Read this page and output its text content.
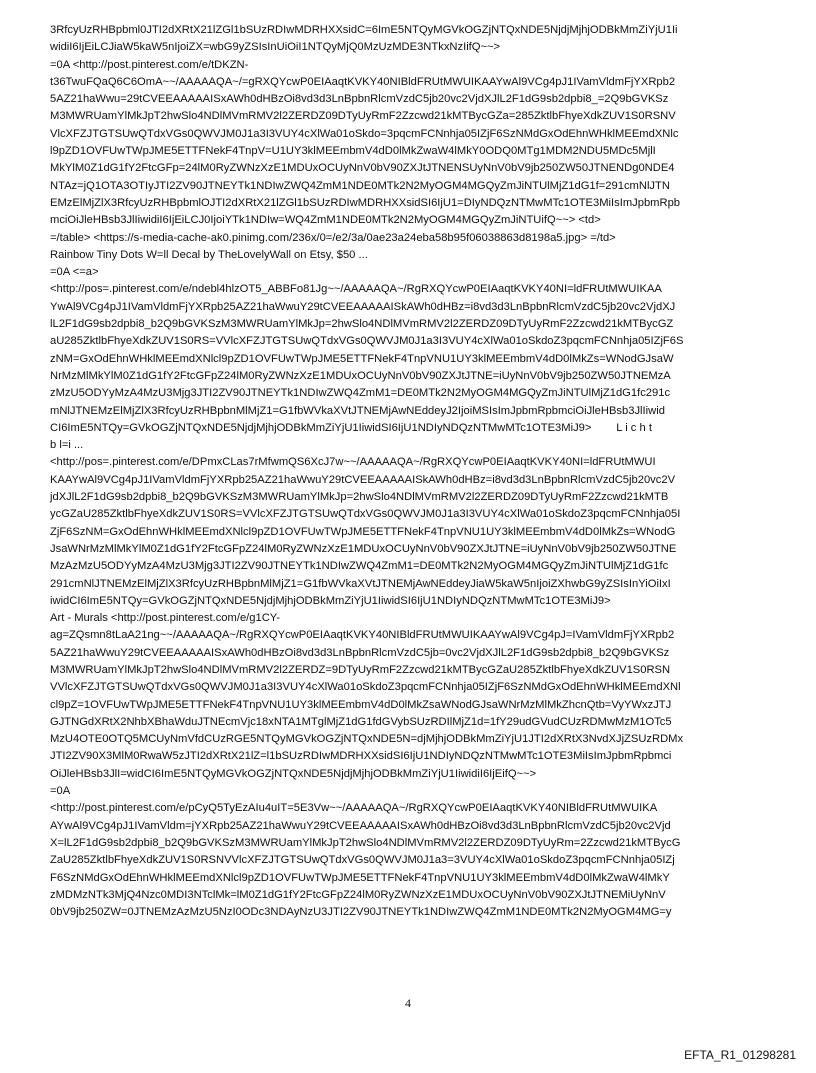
3RfcyUzRHBpbml0JTI2dXRtX21lZGl1bSUzRDIwMDRHXXsidC=6ImE5NTQyMGVkOGZjNTQxNDE5NjdjMjhjODBkMmZiYjU1Ii
widiI6IjEiLCJiaW5kaW5nIjoiZX=wbG9yZSIsInUiOiI1NTQyMjQ0MzUzMDE3NTkxNzIifQ~~>
=0A <http://post.pinterest.com/e/tDKZN-
t36TwuFQaQ6C6OmA~~/AAAAAQA~/=gRXQYcwP0EIAaqtKVKY40NIBldFRUtMWUIKAAYwAl9VCg4pJ1IVamVldmFjYXRpb2
5AZ21haWwu=29tCVEEAAAAAISxAWh0dHBzOi8vd3d3LnBpbnRlcmVzdC5jb20vc2VjdXJlL2F1dG9sb2dpbi8_=2Q9bGVKSz
M3MWRUamYlMkJpT2hwSlo4NDlMVmRMV2l2ZERDZ09DTyUyRmF2Zzcwd21kMTBycGZa=285ZktlbFhyeXdkZUV1S0RSNV
VlcXFZJTGTSUwQTdxVGs0QWVJM0J1a3I3VUY4cXlWa01oSkdo=3pqcmFCNnhja05IZjF6SzNMdGxOdEhnWHklMEEmdXNlc
l9pZD1OVFUwTWpJME5ETTFNekF4TnpV=U1UY3klMEEmbmV4dD0lMkZwaW4lMkY0ODQ0MTg1MDM2NDU5MDc5MjlI
MkYlM0Z1dG1fY2FtcGFp=24lM0RyZWNzXzE1MDUxOCUyNnV0bV90ZXJtJTNENSUyNnV0bV9jb250ZW50JTNENDg0NDE4
NTAz=jQ1OTA3OTIyJTI2ZV90JTNEYTk1NDIwZWQ4ZmM1NDE0MTk2N2MyOGM4MGQyZmJiNTUlMjZ1dG1f=291cmNlJTN
EMzElMjZlX3RfcyUzRHBpbmlOJTI2dXRtX21lZGl1bSUzRDIwMDRHXXsidSI6IjU1=DIyNDQzNTMwMTc1OTE3MiIsImJpbmRpb
mciOiJleHBsb3JlIiwidiI6IjEiLCJ0IjoiYTk1NDIw=WQ4ZmM1NDE0MTk2N2MyOGM4MGQyZmJiNTUifQ~~> <td>
=/table> <https://s-media-cache-ak0.pinimg.com/236x/0=/e2/3a/0ae23a24eba58b95f06038863d8198a5.jpg> =/td>
Rainbow Tiny Dots W=ll Decal by TheLovelyWall on Etsy, $50 ...
=0A <=a>
<http://pos=.pinterest.com/e/ndebl4hlzOT5_ABBFo81Jg~~/AAAAAQA~/RgRXQYcwP0EIAaqtKVKY40NI=ldFRUtMWUIKAA
YwAl9VCg4pJ1IVamVldmFjYXRpb25AZ21haWwuY29tCVEEAAAAAISkAWh0dHBz=i8vd3d3LnBpbnRlcmVzdC5jb20vc2VjdXJ
lL2F1dG9sb2dpbi8_b2Q9bGVKSzM3MWRUamYlMkJp=2hwSlo4NDlMVmRMV2l2ZERDZ09DTyUyRmF2Zzcwd21kMTBycGZ
aU285ZktlbFhyeXdkZUV1S0RS=VVlcXFZJTGTSUwQTdxVGs0QWVJM0J1a3I3VUY4cXlWa01oSkdoZ3pqcmFCNnhja05IZjF6S
zNM=GxOdEhnWHklMEEmdXNlcl9pZD1OVFUwTWpJME5ETTFNekF4TnpVNU1UY3klMEEmbmV4dD0lMkZs=WNodGJsaW
NrMzMlMkYlM0Z1dG1fY2FtcGFpZ24lM0RyZWNzXzE1MDUxOCUyNnV0bV90ZXJtJTNE=iUyNnV0bV9jb250ZW50JTNEMzA
zMzU5ODYyMzA4MzU3Mjg3JTI2ZV90JTNEYTk1NDIwZWQ4ZmM1=DE0MTk2N2MyOGM4MGQyZmJiNTUlMjZ1dG1fc291c
mNlJTNEMzElMjZlX3RfcyUzRHBpbnMlMjZ1=G1fbWVkaXVtJTNEMjAwNEddeyJ2IjoiMSIsImJpbmRpbmciOiJleHBsb3JlIiwid
CI6ImE5NTQy=GVkOGZjNTQxNDE5NjdjMjhjODBkMmZiYjU1IiwidSI6IjU1NDIyNDQzNTMwMTc1OTE3MiJ9>        L i c h t
b l=i ...
<http://pos=.pinterest.com/e/DPmxCLas7rMfwmQS6XcJ7w~~/AAAAAQA~/RgRXQYcwP0EIAaqtKVKY40NI=ldFRUtMWUI
KAAYwAl9VCg4pJ1IVamVldmFjYXRpb25AZ21haWwuY29tCVEEAAAAAISkAWh0dHBz=i8vd3d3LnBpbnRlcmVzdC5jb20vc2V
jdXJlL2F1dG9sb2dpbi8_b2Q9bGVKSzM3MWRUamYlMkJp=2hwSlo4NDlMVmRMV2l2ZERDZ09DTyUyRmF2Zzcwd21kMTB
ycGZaU285ZktlbFhyeXdkZUV1S0RS=VVlcXFZJTGTSUwQTdxVGs0QWVJM0J1a3I3VUY4cXlWa01oSkdoZ3pqcmFCNnhja05I
ZjF6SzNM=GxOdEhnWHklMEEmdXNlcl9pZD1OVFUwTWpJME5ETTFNekF4TnpVNU1UY3klMEEmbmV4dD0lMkZs=WNodG
JsaWNrMzMlMkYlM0Z1dG1fY2FtcGFpZ24lM0RyZWNzXzE1MDUxOCUyNnV0bV90ZXJtJTNE=iUyNnV0bV9jb250ZW50JTNE
MzAzMzU5ODYyMzA4MzU3Mjg3JTI2ZV90JTNEYTk1NDIwZWQ4ZmM1=DE0MTk2N2MyOGM4MGQyZmJiNTUlMjZ1dG1fc
291cmNlJTNEMzElMjZlX3RfcyUzRHBpbnMlMjZ1=G1fbWVkaXVtJTNEMjAwNEddeyJiaW5kaW5nIjoiZXhwbG9yZSIsInYiOiIxI
iwidCI6ImE5NTQy=GVkOGZjNTQxNDE5NjdjMjhjODBkMmZiYjU1IiwidSI6IjU1NDIyNDQzNTMwMTc1OTE3MiJ9>
Art - Murals <http://post.pinterest.com/e/g1CY-
ag=ZQsmn8tLaA21ng~~/AAAAAQA~/RgRXQYcwP0EIAaqtKVKY40NIBldFRUtMWUIKAAYwAl9VCg4pJ=IVamVldmFjYXRpb2
5AZ21haWwuY29tCVEEAAAAAISxAWh0dHBzOi8vd3d3LnBpbnRlcmVzdC5jb=0vc2VjdXJlL2F1dG9sb2dpbi8_b2Q9bGVKSz
M3MWRUamYlMkJpT2hwSlo4NDlMVmRMV2l2ZERDZ=9DTyUyRmF2Zzcwd21kMTBycGZaU285ZktlbFhyeXdkZUV1S0RSN
VVlcXFZJTGTSUwQTdxVGs0QWVJM0J1a3I3VUY4cXlWa01oSkdoZ3pqcmFCNnhja05IZjF6SzNMdGxOdEhnWHklMEEmdXNl
cl9pZ=1OVFUwTWpJME5ETTFNekF4TnpVNU1UY3klMEEmbmV4dD0lMkZsaWNodGJsaWNrMzMlMkZhcnQtb=VyYWxzJTJ
GJTNGdXRtX2NhbXBhaWduJTNEcmVjc18xNTA1MTglMjZ1dG1fdGVybSUzRDIlMjZ1d=1fY29udGVudCUzRDMwMzM1OTc5
MzU4OTE0OTQ5MCUyNmVfdCUzRGE5NTQyMGVkOGZjNTQxNDE5N=djMjhjODBkMmZiYjU1JTI2dXRtX3NvdXJjZSUzRDMx
JTI2ZV90X3MlM0RwaW5zJTI2dXRtX21lZ=l1bSUzRDIwMDRHXXsidSI6IjU1NDIyNDQzNTMwMTc1OTE3MiIsImJpbmRpbmci
OiJleHBsb3JlI=widCI6ImE5NTQyMGVkOGZjNTQxNDE5NjdjMjhjODBkMmZiYjU1IiwidiI6IjEifQ~~>
=0A
<http://post.pinterest.com/e/pCyQ5TyEzAIu4uIT=5E3Vw~~/AAAAAQA~/RgRXQYcwP0EIAaqtKVKY40NIBldFRUtMWUIKA
AYwAl9VCg4pJ1IVamVldm=jYXRpb25AZ21haWwuY29tCVEEAAAAAISxAWh0dHBzOi8vd3d3LnBpbnRlcmVzdC5jb20vc2Vjd
X=lL2F1dG9sb2dpbi8_b2Q9bGVKSzM3MWRUamYlMkJpT2hwSlo4NDlMVmRMV2l2ZERDZ09DTyUyRm=2Zzcwd21kMTBycG
ZaU285ZktlbFhyeXdkZUV1S0RSNVVlcXFZJTGTSUwQTdxVGs0QWVJM0J1a3=3VUY4cXlWa01oSkdoZ3pqcmFCNnhja05IZj
F6SzNMdGxOdEhnWHklMEEmdXNlcl9pZD1OVFUwTWpJME5ETTFNekF4TnpVNU1UY3klMEEmbmV4dD0lMkZwaW4lMkY
zMDMzNTk3MjQ4Nzc0MDI3NTclMk=lM0Z1dG1fY2FtcGFpZ24lM0RyZWNzXzE1MDUxOCUyNnV0bV90ZXJtJTNEMiUyNnV
0bV9jb250ZW=0JTNEMzAzMzU5NzI0ODc3NDAyNzU3JTI2ZV90JTNEYTk1NDIwZWQ4ZmM1NDE0MTk2N2MyOGM4MG=y
4
EFTA_R1_01298281
